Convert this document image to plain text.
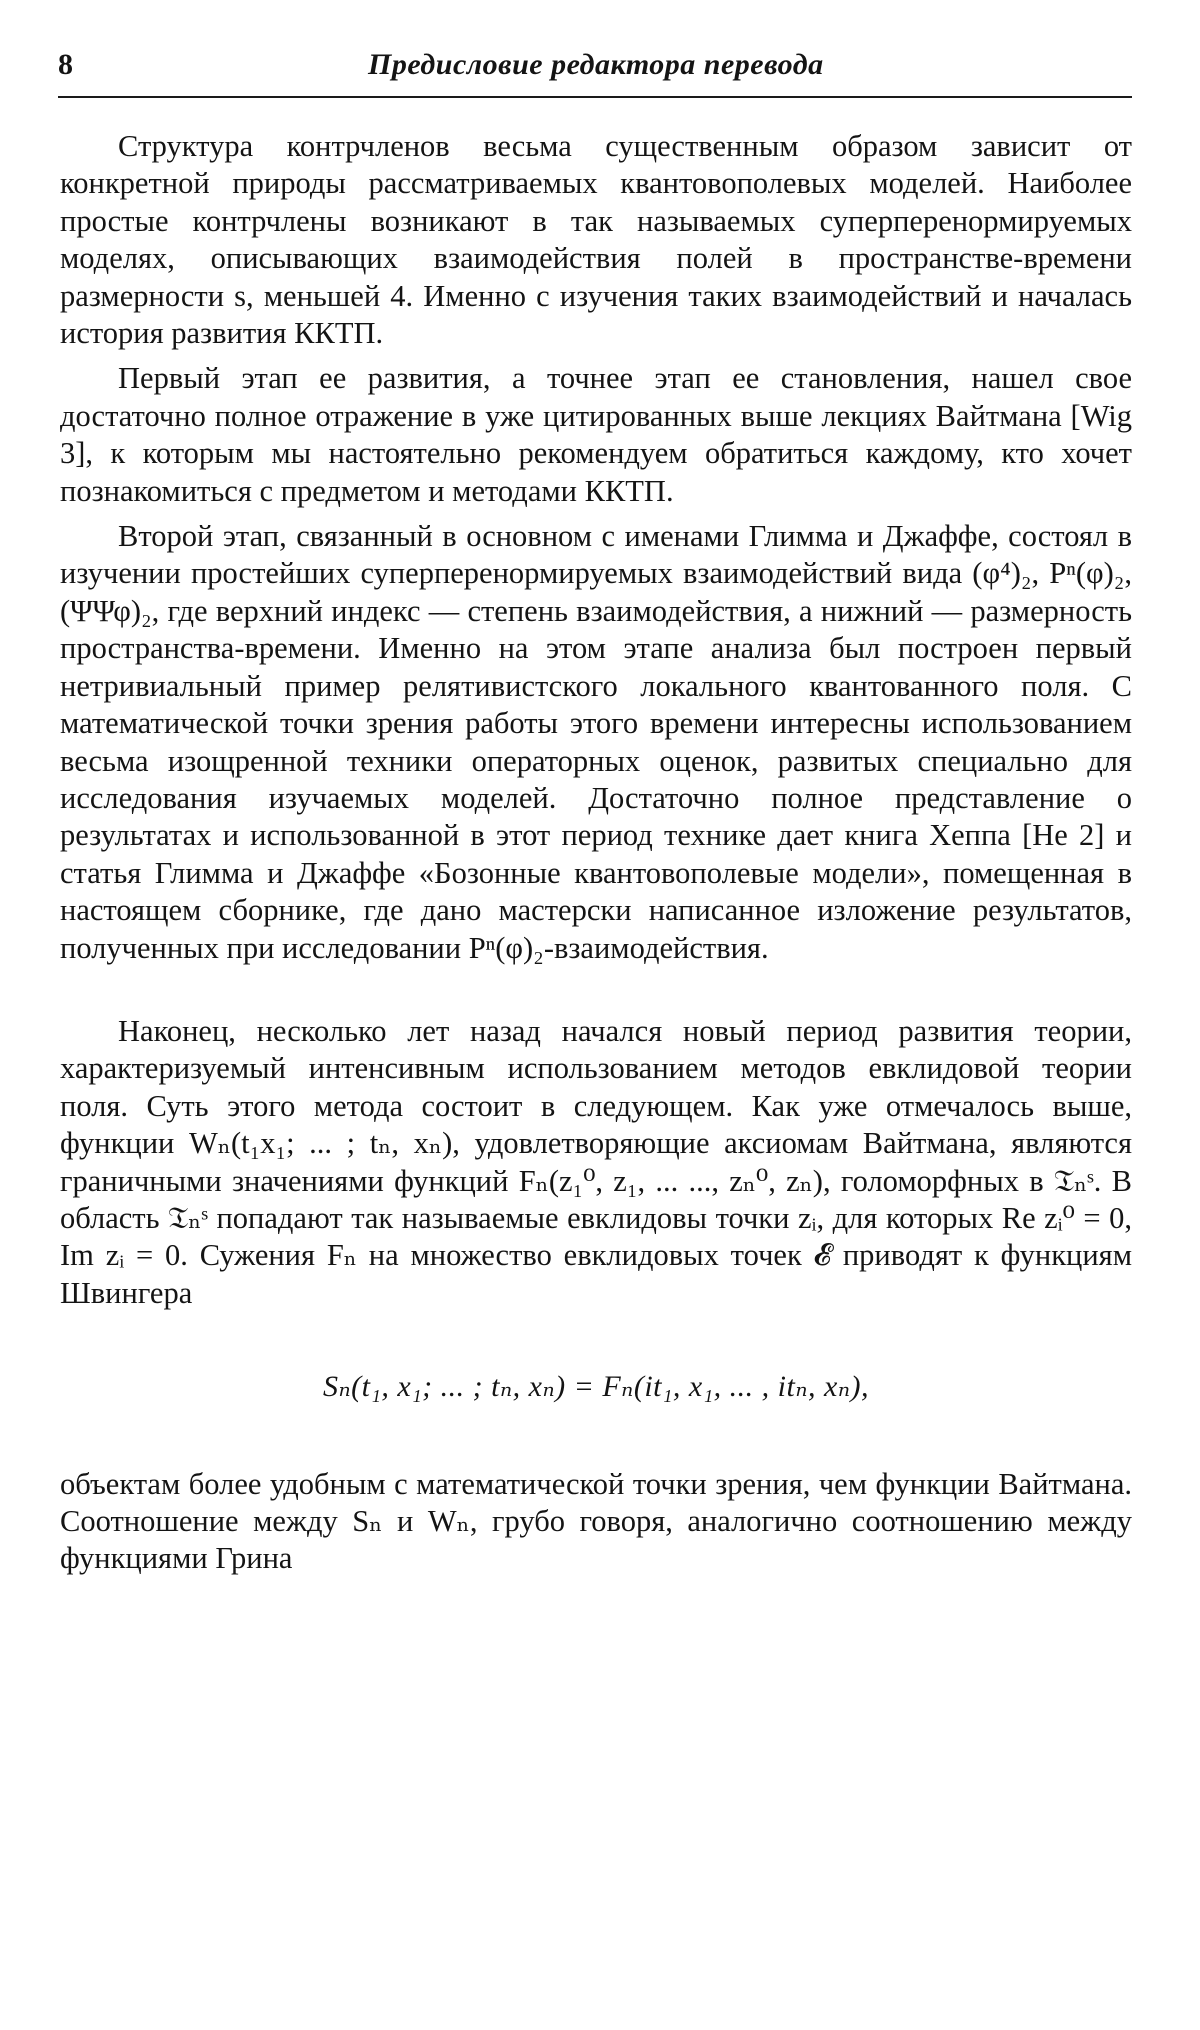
8	Предисловие редактора перевода

Структура контрчленов весьма существенным образом зависит от конкретной природы рассматриваемых квантовополевых моделей. Наиболее простые контрчлены возникают в так называемых суперперенормируемых моделях, описывающих взаимодействия полей в пространстве-времени размерности s, меньшей 4. Именно с изучения таких взаимодействий и началась история развития ККТП.

Первый этап ее развития, а точнее этап ее становления, нашел свое достаточно полное отражение в уже цитированных выше лекциях Вайтмана [Wig 3], к которым мы настоятельно рекомендуем обратиться каждому, кто хочет познакомиться с предметом и методами ККТП.

Второй этап, связанный в основном с именами Глимма и Джаффе, состоял в изучении простейших суперперенормируемых взаимодействий вида (φ⁴)₂, Pⁿ(φ)₂, (ΨΨφ)₂, где верхний индекс — степень взаимодействия, а нижний — размерность пространства-времени. Именно на этом этапе анализа был построен первый нетривиальный пример релятивистского локального квантованного поля. С математической точки зрения работы этого времени интересны использованием весьма изощренной техники операторных оценок, развитых специально для исследования изучаемых моделей. Достаточно полное представление о результатах и использованной в этот период технике дает книга Хеппа [He 2] и статья Глимма и Джаффе «Бозонные квантовополевые модели», помещенная в настоящем сборнике, где дано мастерски написанное изложение результатов, полученных при исследовании Pⁿ(φ)₂-взаимодействия.

Наконец, несколько лет назад начался новый период развития теории, характеризуемый интенсивным использованием методов евклидовой теории поля. Суть этого метода состоит в следующем. Как уже отмечалось выше, функции Wₙ(t₁x₁; ... ; tₙ, xₙ), удовлетворяющие аксиомам Вайтмана, являются граничными значениями функций Fₙ(z₁⁰, z₁, ... ..., zₙ⁰, zₙ), голоморфных в 𝔗ₙˢ. В область 𝔗ₙˢ попадают так называемые евклидовы точки zᵢ, для которых Re zᵢ⁰ = 0, Im zᵢ = 0. Сужения Fₙ на множество евклидовых точек 𝓔 приводят к функциям Швингера

Sₙ(t₁, x₁; ... ; tₙ, xₙ) = Fₙ(it₁, x₁, ... , itₙ, xₙ),

объектам более удобным с математической точки зрения, чем функции Вайтмана. Соотношение между Sₙ и Wₙ, грубо говоря, аналогично соотношению между функциями Грина
